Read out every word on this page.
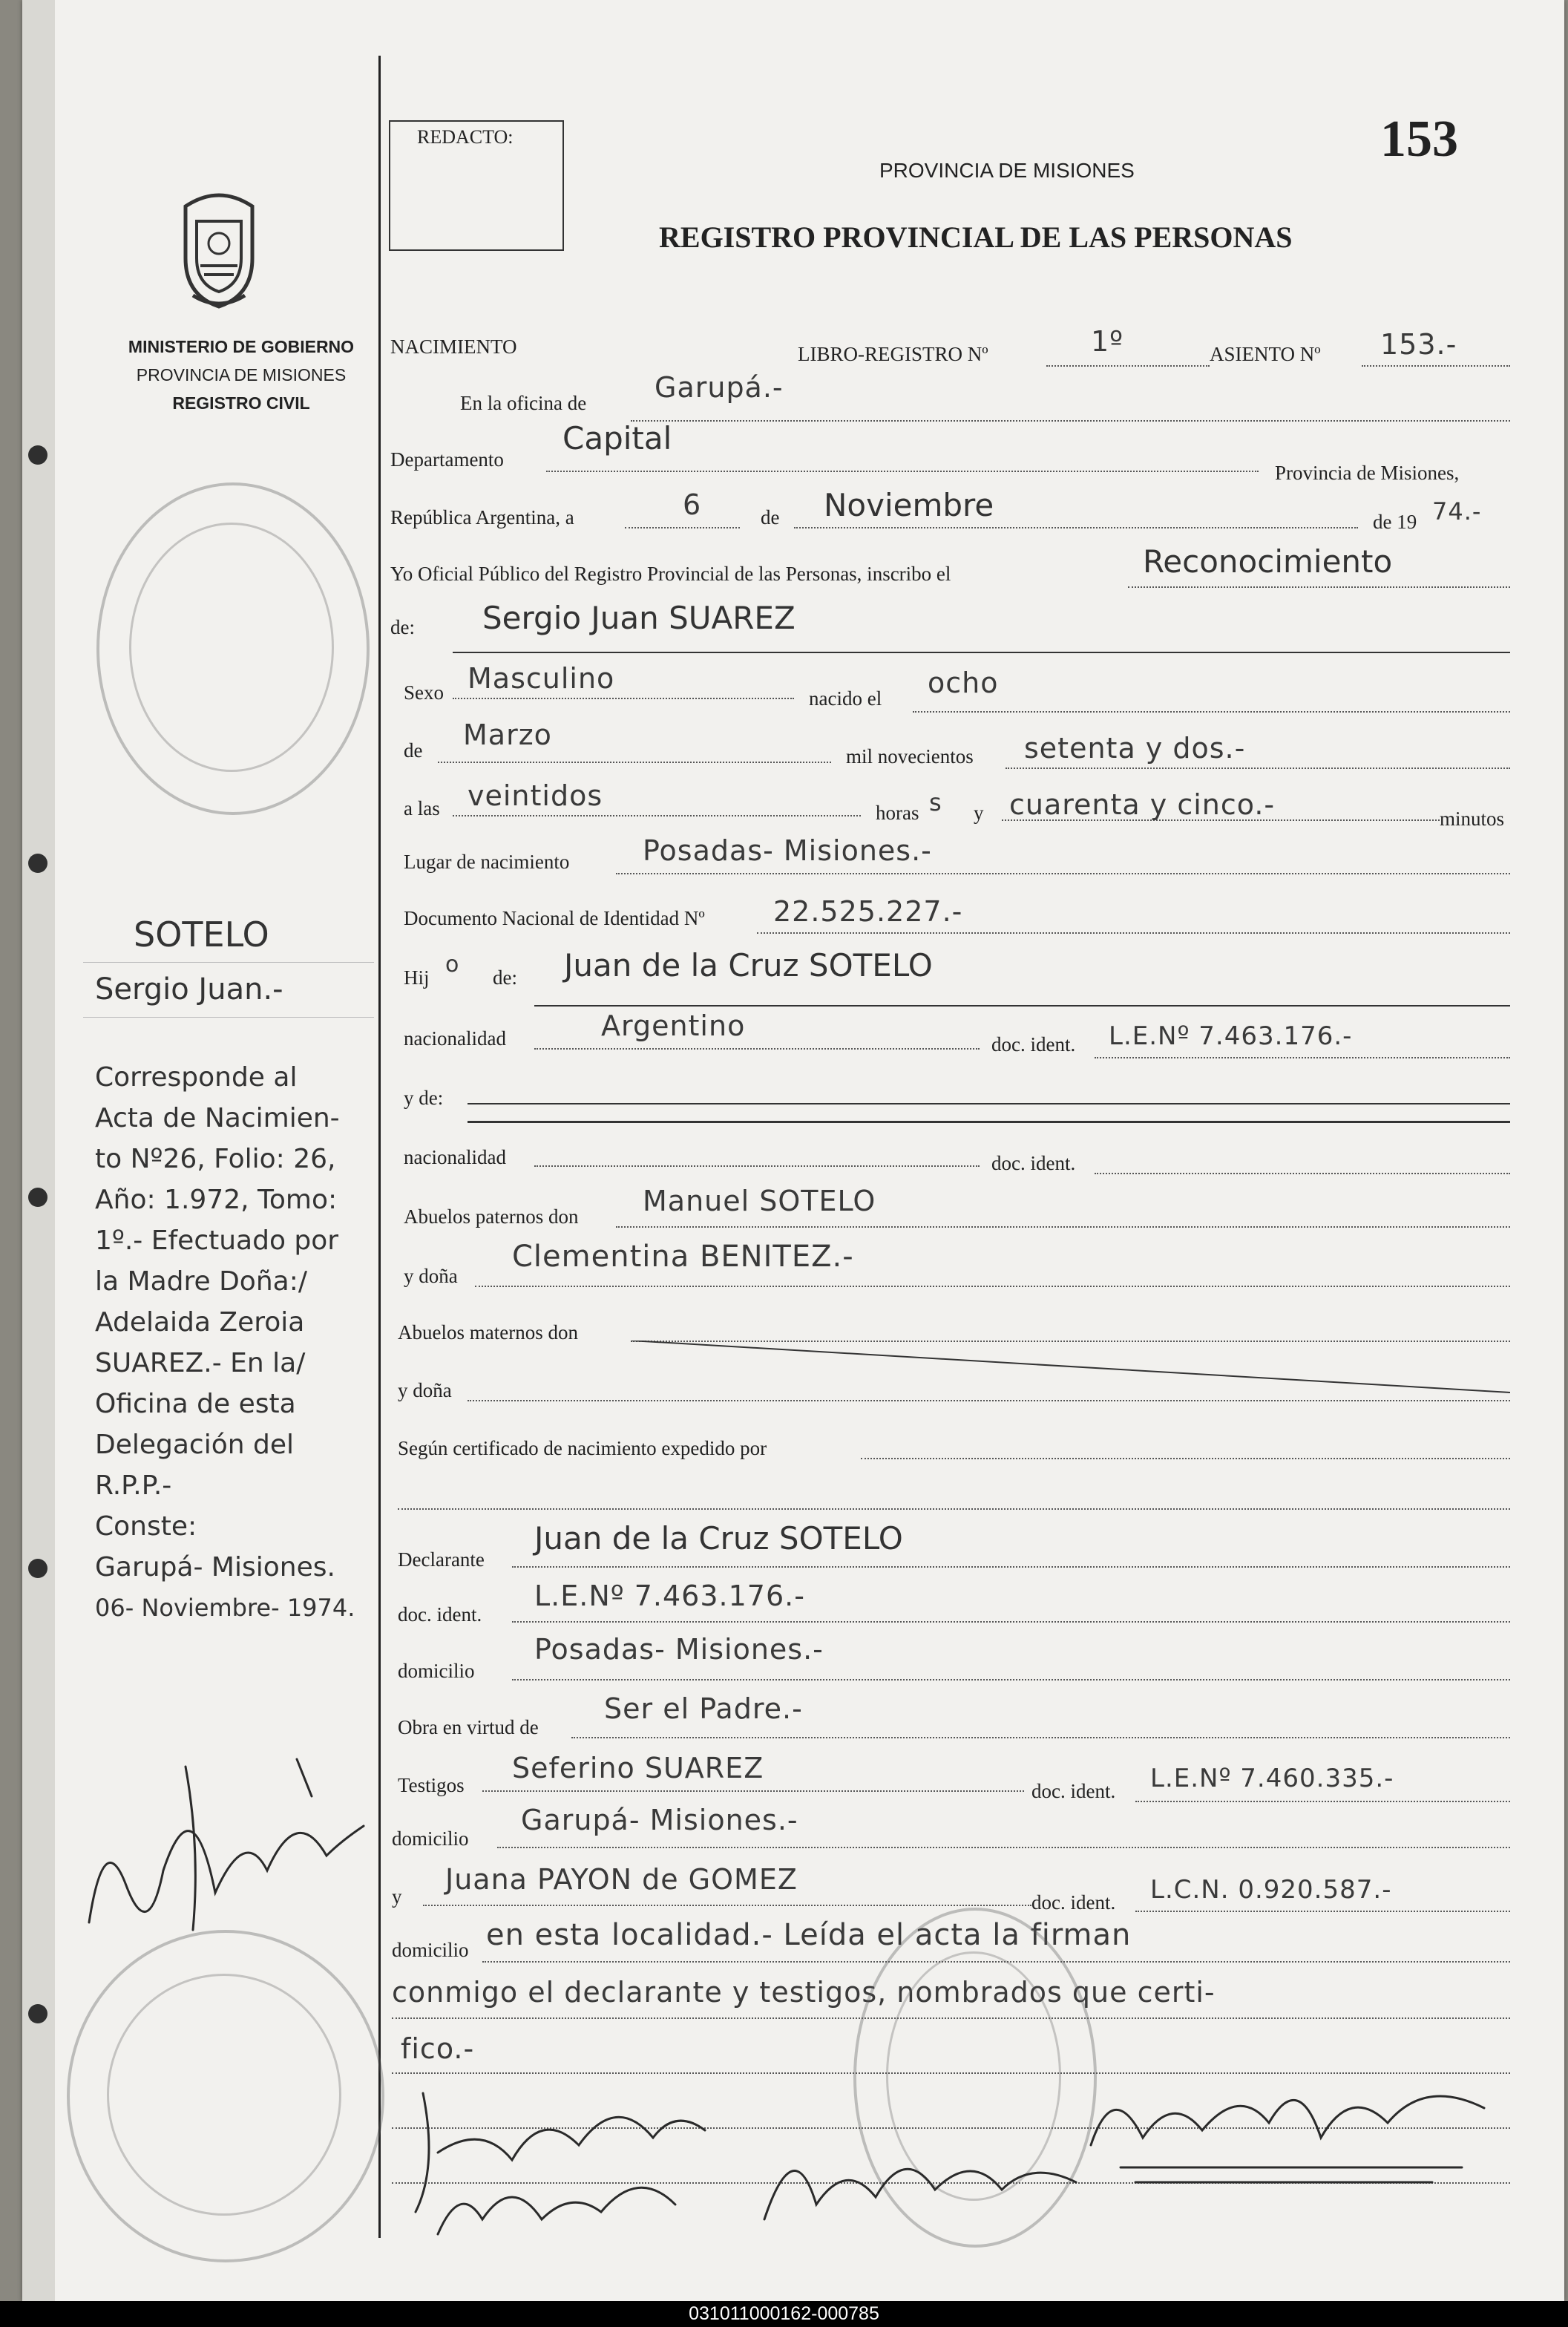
REDACTO:	153
PROVINCIA DE MISIONES
REGISTRO PROVINCIAL DE LAS PERSONAS
MINISTERIO DE GOBIERNO
PROVINCIA DE MISIONES
REGISTRO CIVIL
NACIMIENTO	LIBRO-REGISTRO Nº	1º	ASIENTO Nº 153.-
En la oficina de Garupá.-
Departamento
Capital
Provincia de Misiones,
República Argentina, a	6	de Noviembre	de 19 74.-
Yo Oficial Público del Registro Provincial de las Personas, inscribo el	Reconocimiento
de: Sergio Juan SUAREZ
Sexo Masculino
nacido el ocho
de Marzo
mil novecientos setenta y dos.-
a las veintidos
horas s y cuarenta y cinco.-	minutos
Lugar de nacimiento	Posadas- Misiones.-
Documento Nacional de Identidad Nº 22.525.227.-
Hij o de: Juan de la Cruz SOTELO
nacionalidad	Argentino
doc. ident. L.E.Nº 7.463.176.-
y de:
nacionalidad	doc. ident.
Abuelos paternos don Manuel SOTELO
y doña
Clementina BENITEZ.-
Abuelos maternos don
y doña
Según certificado de nacimiento expedido por
Declarante
Juan de la Cruz SOTELO
doc. ident.
L.E.Nº 7.463.176.-
domicilio
Posadas- Misiones.-
Obra en virtud de
Ser el Padre.-
Testigos
Seferino SUAREZ
doc. ident. L.E.Nº 7.460.335.-
domicilio
Garupá- Misiones.-
y
Juana PAYON de GOMEZ
doc. ident. L.C.N. 0.920.587.-
domicilio en esta localidad.- Leída el acta la firman
conmigo el declarante y testigos, nombrados que certi-
fico.-
SOTELO
Sergio Juan.-
Corresponde al
Acta de Nacimien-
to Nº26, Folio: 26,
Año: 1.972, Tomo:
1º.- Efectuado por
la Madre Doña:/
Adelaida Zeroia
SUAREZ.- En la/
Oficina de esta
Delegación del
R.P.P.-
Conste:
Garupá- Misiones.
06- Noviembre- 1974.
031011000162-000785
